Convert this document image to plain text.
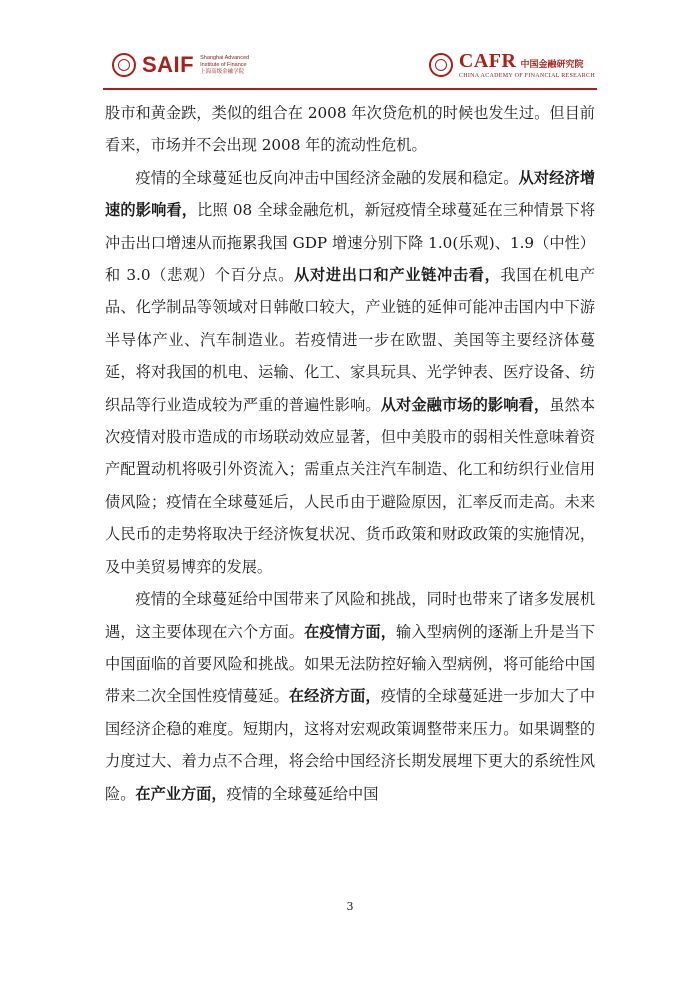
SAIF Shanghai Advanced
Institute of Finance
上海高级金融学院	CAFR 中国金融研究院
CHINA ACADEMY OF FINANCIAL RESEARCH

股市和黄金跌，类似的组合在 2008 年次贷危机的时候也发生过。但目前看来，市场并不会出现 2008 年的流动性危机。

疫情的全球蔓延也反向冲击中国经济金融的发展和稳定。从对经济增速的影响看，比照 08 全球金融危机，新冠疫情全球蔓延在三种情景下将冲击出口增速从而拖累我国 GDP 增速分别下降 1.0(乐观)、1.9（中性）和 3.0（悲观）个百分点。从对进出口和产业链冲击看，我国在机电产品、化学制品等领域对日韩敞口较大，产业链的延伸可能冲击国内中下游半导体产业、汽车制造业。若疫情进一步在欧盟、美国等主要经济体蔓延，将对我国的机电、运输、化工、家具玩具、光学钟表、医疗设备、纺织品等行业造成较为严重的普遍性影响。从对金融市场的影响看，虽然本次疫情对股市造成的市场联动效应显著，但中美股市的弱相关性意味着资产配置动机将吸引外资流入；需重点关注汽车制造、化工和纺织行业信用债风险；疫情在全球蔓延后，人民币由于避险原因，汇率反而走高。未来人民币的走势将取决于经济恢复状况、货币政策和财政政策的实施情况，及中美贸易博弈的发展。

疫情的全球蔓延给中国带来了风险和挑战，同时也带来了诸多发展机遇，这主要体现在六个方面。在疫情方面，输入型病例的逐渐上升是当下中国面临的首要风险和挑战。如果无法防控好输入型病例，将可能给中国带来二次全国性疫情蔓延。在经济方面，疫情的全球蔓延进一步加大了中国经济企稳的难度。短期内，这将对宏观政策调整带来压力。如果调整的力度过大、着力点不合理，将会给中国经济长期发展埋下更大的系统性风险。在产业方面，疫情的全球蔓延给中国

3
